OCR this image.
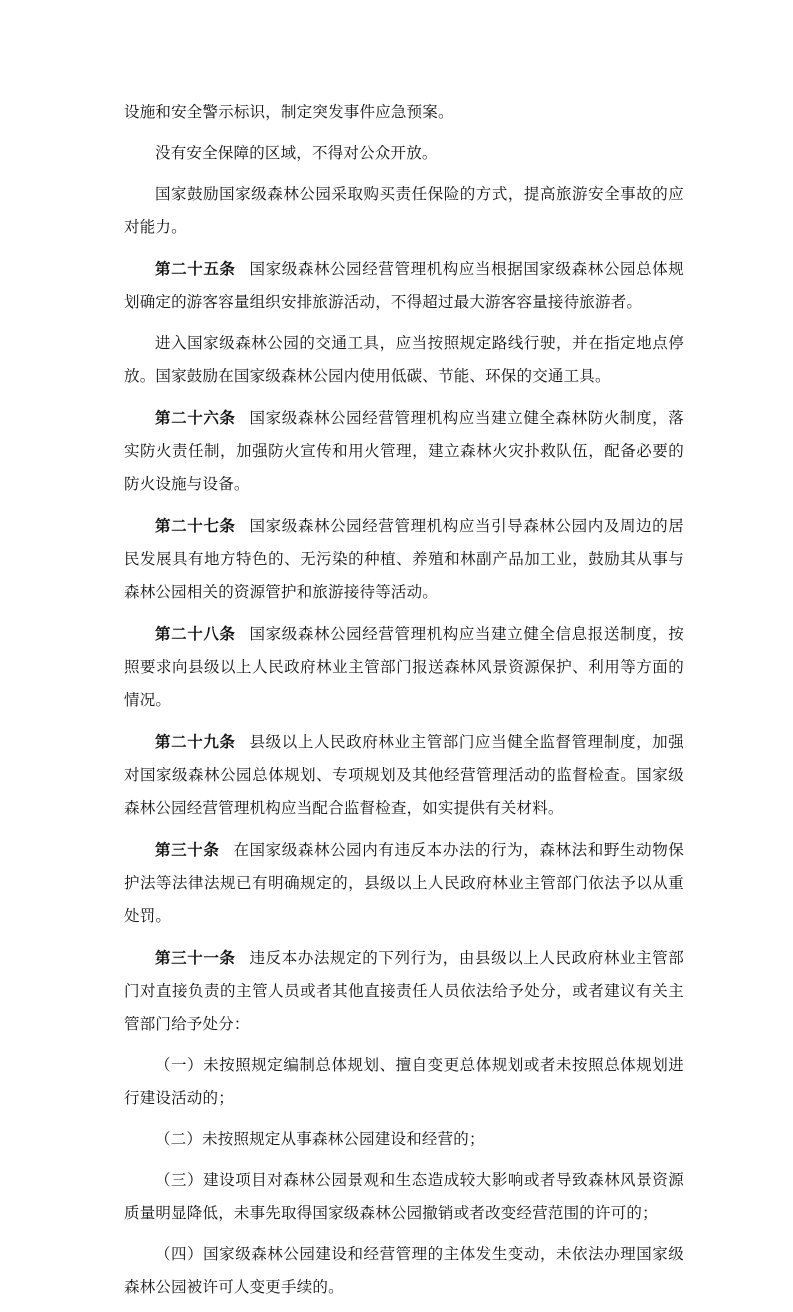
设施和安全警示标识，制定突发事件应急预案。

没有安全保障的区域，不得对公众开放。

国家鼓励国家级森林公园采取购买责任保险的方式，提高旅游安全事故的应对能力。

第二十五条 国家级森林公园经营管理机构应当根据国家级森林公园总体规划确定的游客容量组织安排旅游活动，不得超过最大游客容量接待旅游者。

进入国家级森林公园的交通工具，应当按照规定路线行驶，并在指定地点停放。国家鼓励在国家级森林公园内使用低碳、节能、环保的交通工具。

第二十六条 国家级森林公园经营管理机构应当建立健全森林防火制度，落实防火责任制，加强防火宣传和用火管理，建立森林火灾扑救队伍，配备必要的防火设施与设备。

第二十七条 国家级森林公园经营管理机构应当引导森林公园内及周边的居民发展具有地方特色的、无污染的种植、养殖和林副产品加工业，鼓励其从事与森林公园相关的资源管护和旅游接待等活动。

第二十八条 国家级森林公园经营管理机构应当建立健全信息报送制度，按照要求向县级以上人民政府林业主管部门报送森林风景资源保护、利用等方面的情况。

第二十九条 县级以上人民政府林业主管部门应当健全监督管理制度，加强对国家级森林公园总体规划、专项规划及其他经营管理活动的监督检查。国家级森林公园经营管理机构应当配合监督检查，如实提供有关材料。

第三十条 在国家级森林公园内有违反本办法的行为，森林法和野生动物保护法等法律法规已有明确规定的，县级以上人民政府林业主管部门依法予以从重处罚。

第三十一条 违反本办法规定的下列行为，由县级以上人民政府林业主管部门对直接负责的主管人员或者其他直接责任人员依法给予处分，或者建议有关主管部门给予处分：

（一）未按照规定编制总体规划、擅自变更总体规划或者未按照总体规划进行建设活动的；

（二）未按照规定从事森林公园建设和经营的；

（三）建设项目对森林公园景观和生态造成较大影响或者导致森林风景资源质量明显降低，未事先取得国家级森林公园撤销或者改变经营范围的许可的；

（四）国家级森林公园建设和经营管理的主体发生变动，未依法办理国家级森林公园被许可人变更手续的。
